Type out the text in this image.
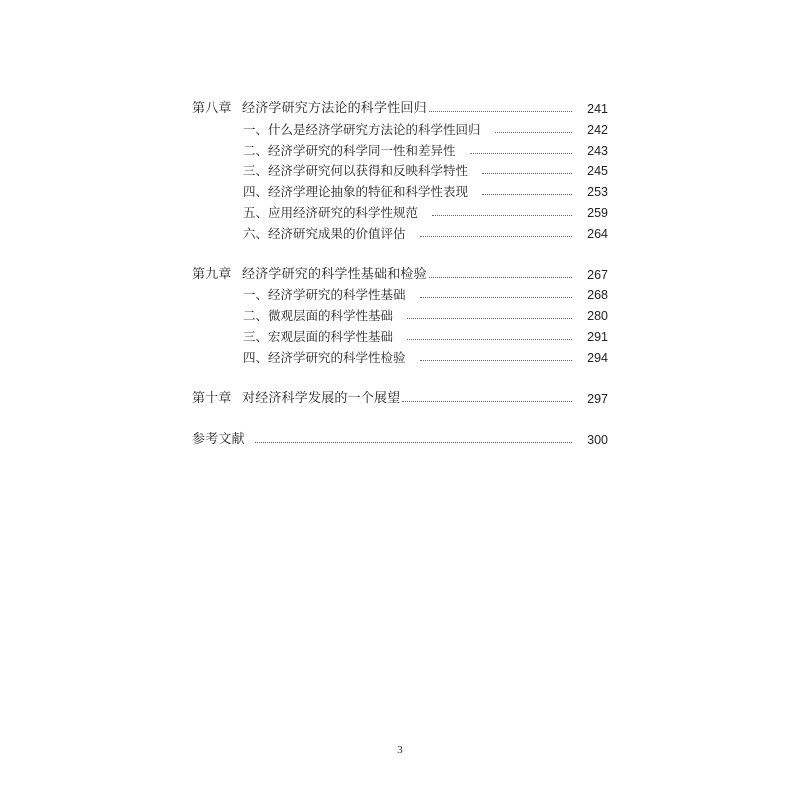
第八章 经济学研究方法论的科学性回归	241
一、什么是经济学研究方法论的科学性回归	242
二、经济学研究的科学同一性和差异性	243
三、经济学研究何以获得和反映科学特性	245
四、经济学理论抽象的特征和科学性表现	253
五、应用经济研究的科学性规范	259
六、经济研究成果的价值评估	264
第九章 经济学研究的科学性基础和检验	267
一、经济学研究的科学性基础	268
二、微观层面的科学性基础	280
三、宏观层面的科学性基础	291
四、经济学研究的科学性检验	294
第十章 对经济科学发展的一个展望	297
参考文献	300
3
